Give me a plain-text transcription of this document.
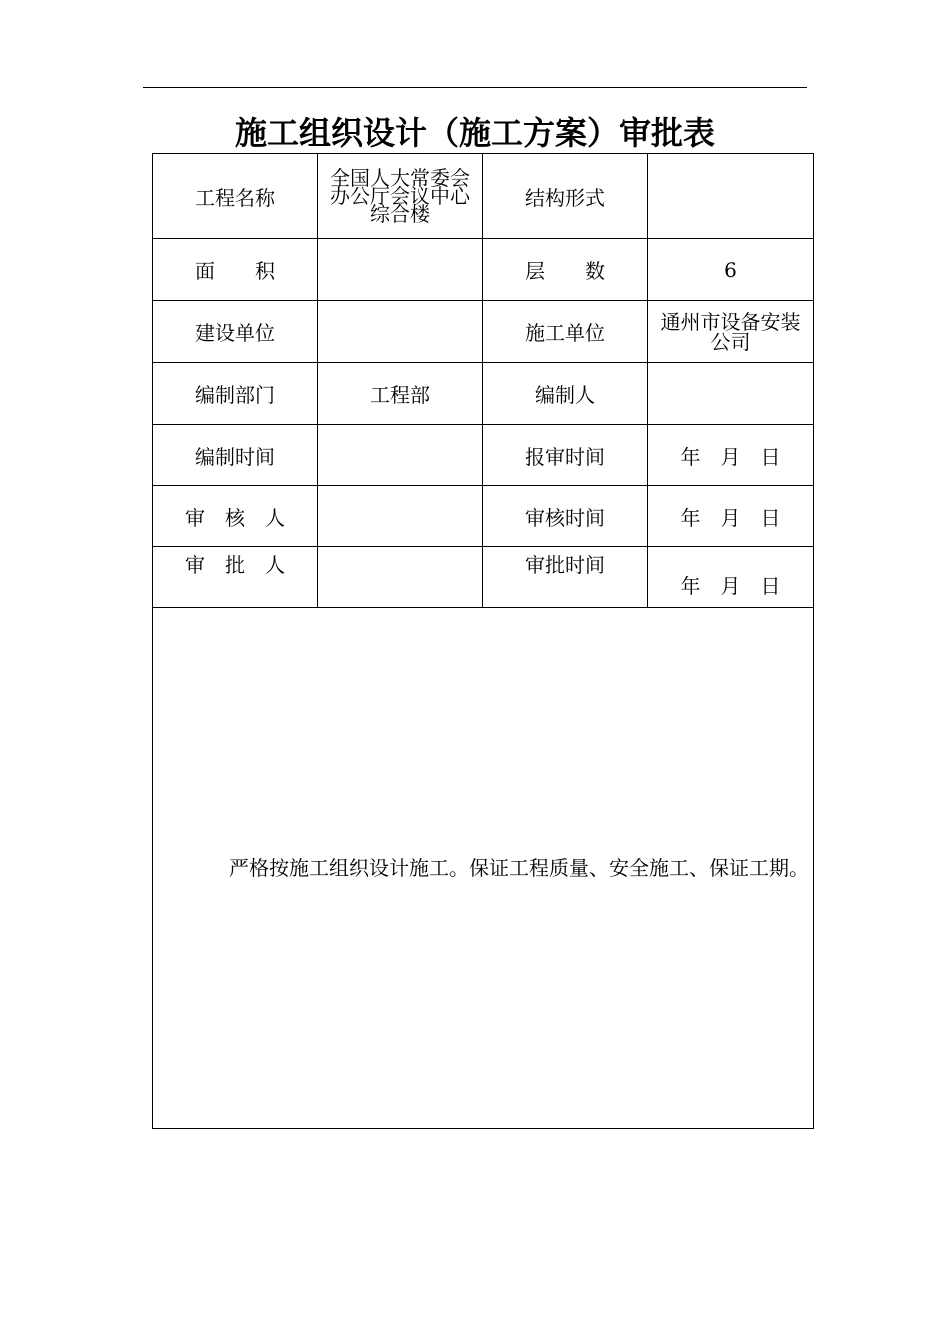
施工组织设计（施工方案）审批表
工程名称	全国人大常委会办公厅会议中心综合楼	结构形式	
面　　积		层　　数	6
建设单位		施工单位	通州市设备安装公司

编制部门	工程部	编制人	
编制时间		报审时间	年　月　日
审　核　人		审核时间	年　月　日
审　批　人		审批时间	年　月　日
严格按施工组织设计施工。保证工程质量、安全施工、保证工期。			
